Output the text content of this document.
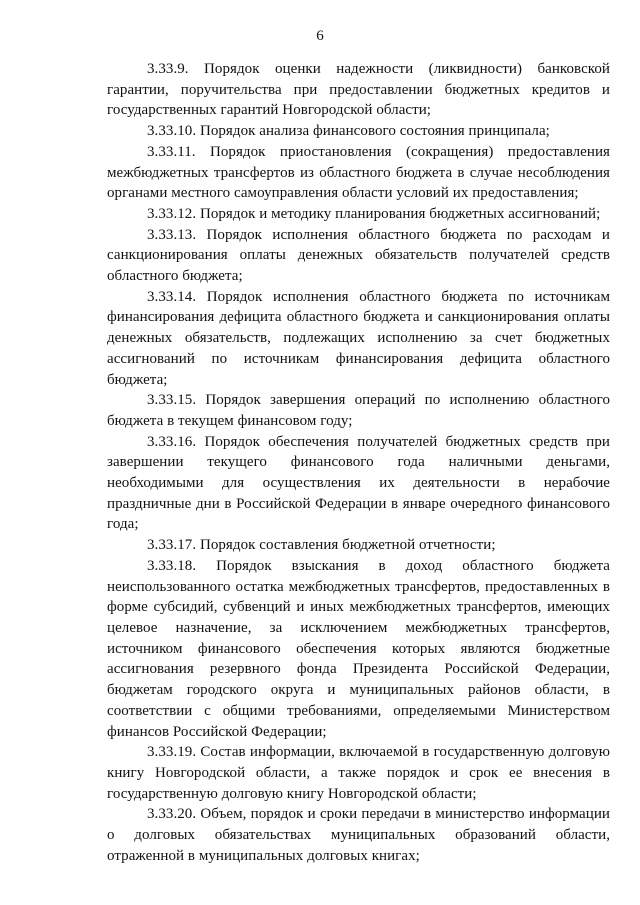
6

3.33.9. Порядок оценки надежности (ликвидности) банковской гарантии, поручительства при предоставлении бюджетных кредитов и государственных гарантий Новгородской области;

3.33.10. Порядок анализа финансового состояния принципала;

3.33.11. Порядок приостановления (сокращения) предоставления межбюджетных трансфертов из областного бюджета в случае несоблюдения органами местного самоуправления области условий их предоставления;

3.33.12. Порядок и методику планирования бюджетных ассигнований;

3.33.13. Порядок исполнения областного бюджета по расходам и санкционирования оплаты денежных обязательств получателей средств областного бюджета;

3.33.14. Порядок исполнения областного бюджета по источникам финансирования дефицита областного бюджета и санкционирования оплаты денежных обязательств, подлежащих исполнению за счет бюджетных ассигнований по источникам финансирования дефицита областного бюджета;

3.33.15. Порядок завершения операций по исполнению областного бюджета в текущем финансовом году;

3.33.16. Порядок обеспечения получателей бюджетных средств при завершении текущего финансового года наличными деньгами, необходимыми для осуществления их деятельности в нерабочие праздничные дни в Российской Федерации в январе очередного финансового года;

3.33.17. Порядок составления бюджетной отчетности;

3.33.18. Порядок взыскания в доход областного бюджета неиспользованного остатка межбюджетных трансфертов, предоставленных в форме субсидий, субвенций и иных межбюджетных трансфертов, имеющих целевое назначение, за исключением межбюджетных трансфертов, источником финансового обеспечения которых являются бюджетные ассигнования резервного фонда Президента Российской Федерации, бюджетам городского округа и муниципальных районов области, в соответствии с общими требованиями, определяемыми Министерством финансов Российской Федерации;

3.33.19. Состав информации, включаемой в государственную долговую книгу Новгородской области, а также порядок и срок ее внесения в государственную долговую книгу Новгородской области;

3.33.20. Объем, порядок и сроки передачи в министерство информации о долговых обязательствах муниципальных образований области, отраженной в муниципальных долговых книгах;
